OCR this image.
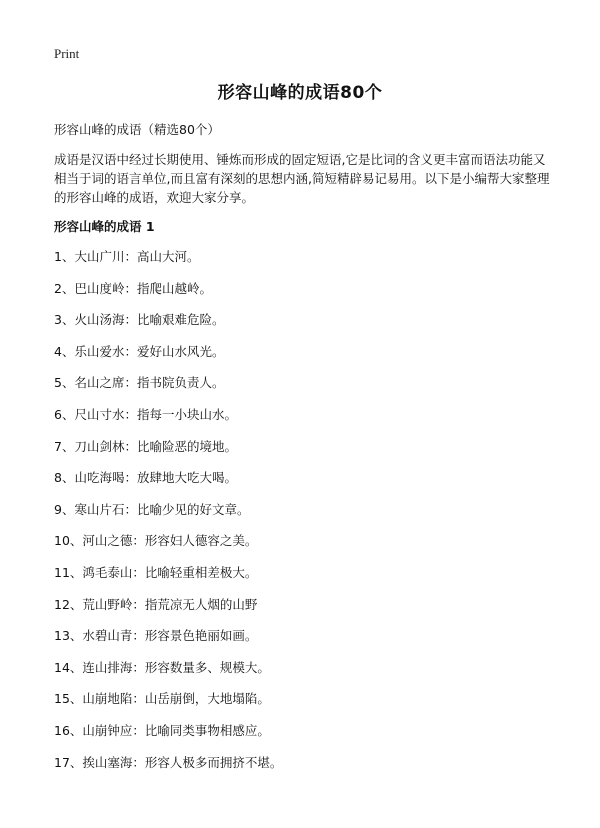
Print
形容山峰的成语80个
形容山峰的成语（精选80个）

成语是汉语中经过长期使用、锤炼而形成的固定短语,它是比词的含义更丰富而语法功能又相当于词的语言单位,而且富有深刻的思想内涵,简短精辟易记易用。以下是小编帮大家整理的形容山峰的成语，欢迎大家分享。

形容山峰的成语 1
1、大山广川：高山大河。
2、巴山度岭：指爬山越岭。
3、火山汤海：比喻艰难危险。
4、乐山爱水：爱好山水风光。
5、名山之席：指书院负责人。
6、尺山寸水：指每一小块山水。
7、刀山剑林：比喻险恶的境地。
8、山吃海喝：放肆地大吃大喝。
9、寒山片石：比喻少见的好文章。
10、河山之德：形容妇人德容之美。
11、鸿毛泰山：比喻轻重相差极大。
12、荒山野岭：指荒凉无人烟的山野
13、水碧山青：形容景色艳丽如画。
14、连山排海：形容数量多、规模大。
15、山崩地陷：山岳崩倒，大地塌陷。
16、山崩钟应：比喻同类事物相感应。
17、挨山塞海：形容人极多而拥挤不堪。
